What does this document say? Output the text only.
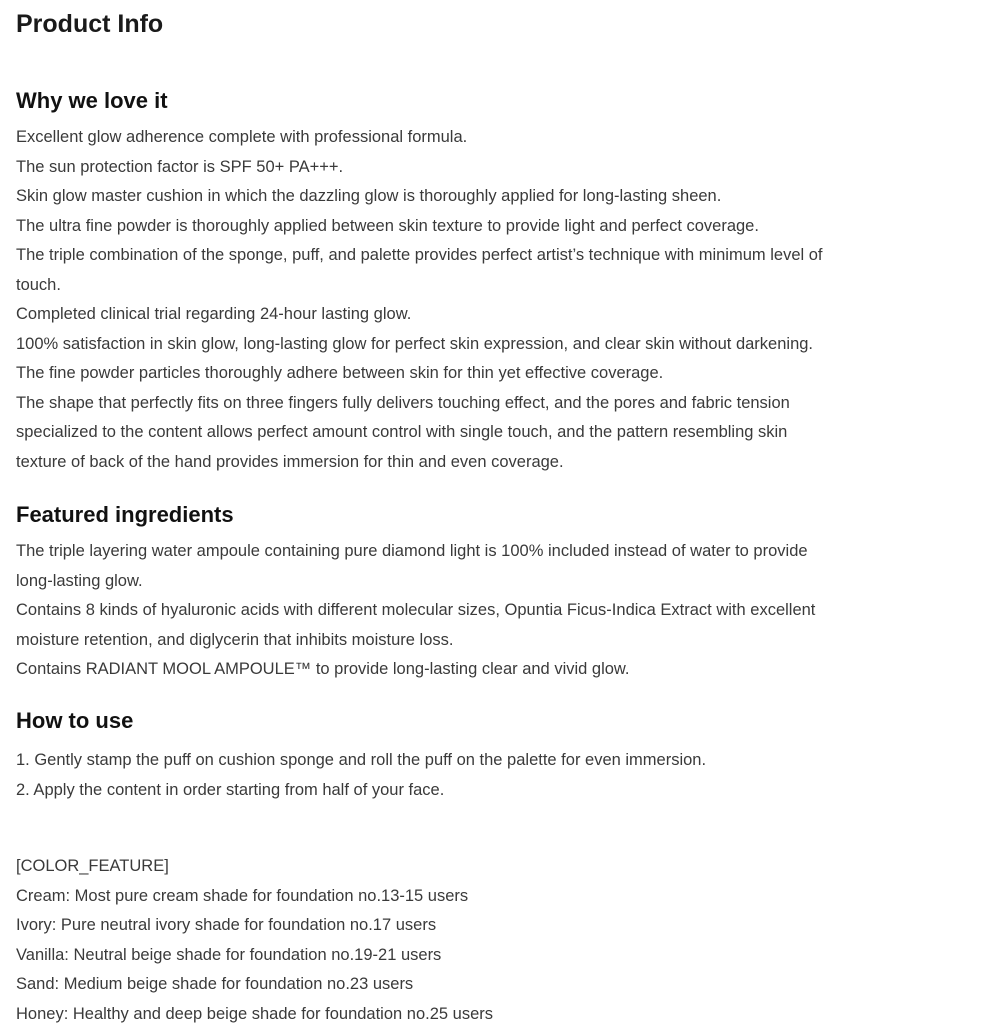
Product Info
Why we love it
Excellent glow adherence complete with professional formula.
The sun protection factor is SPF 50+ PA+++.
Skin glow master cushion in which the dazzling glow is thoroughly applied for long-lasting sheen.
The ultra fine powder is thoroughly applied between skin texture to provide light and perfect coverage.
The triple combination of the sponge, puff, and palette provides perfect artist’s technique with minimum level of
touch.
Completed clinical trial regarding 24-hour lasting glow.
100% satisfaction in skin glow, long-lasting glow for perfect skin expression, and clear skin without darkening.
The fine powder particles thoroughly adhere between skin for thin yet effective coverage.
The shape that perfectly fits on three fingers fully delivers touching effect, and the pores and fabric tension
specialized to the content allows perfect amount control with single touch, and the pattern resembling skin
texture of back of the hand provides immersion for thin and even coverage.
Featured ingredients
The triple layering water ampoule containing pure diamond light is 100% included instead of water to provide
long-lasting glow.
Contains 8 kinds of hyaluronic acids with different molecular sizes, Opuntia Ficus-Indica Extract with excellent
moisture retention, and diglycerin that inhibits moisture loss.
Contains RADIANT MOOL AMPOULE™ to provide long-lasting clear and vivid glow.
How to use
1. Gently stamp the puff on cushion sponge and roll the puff on the palette for even immersion.
2. Apply the content in order starting from half of your face.
[COLOR_FEATURE]
Cream: Most pure cream shade for foundation no.13-15 users
Ivory: Pure neutral ivory shade for foundation no.17 users
Vanilla: Neutral beige shade for foundation no.19-21 users
Sand: Medium beige shade for foundation no.23 users
Honey: Healthy and deep beige shade for foundation no.25 users
